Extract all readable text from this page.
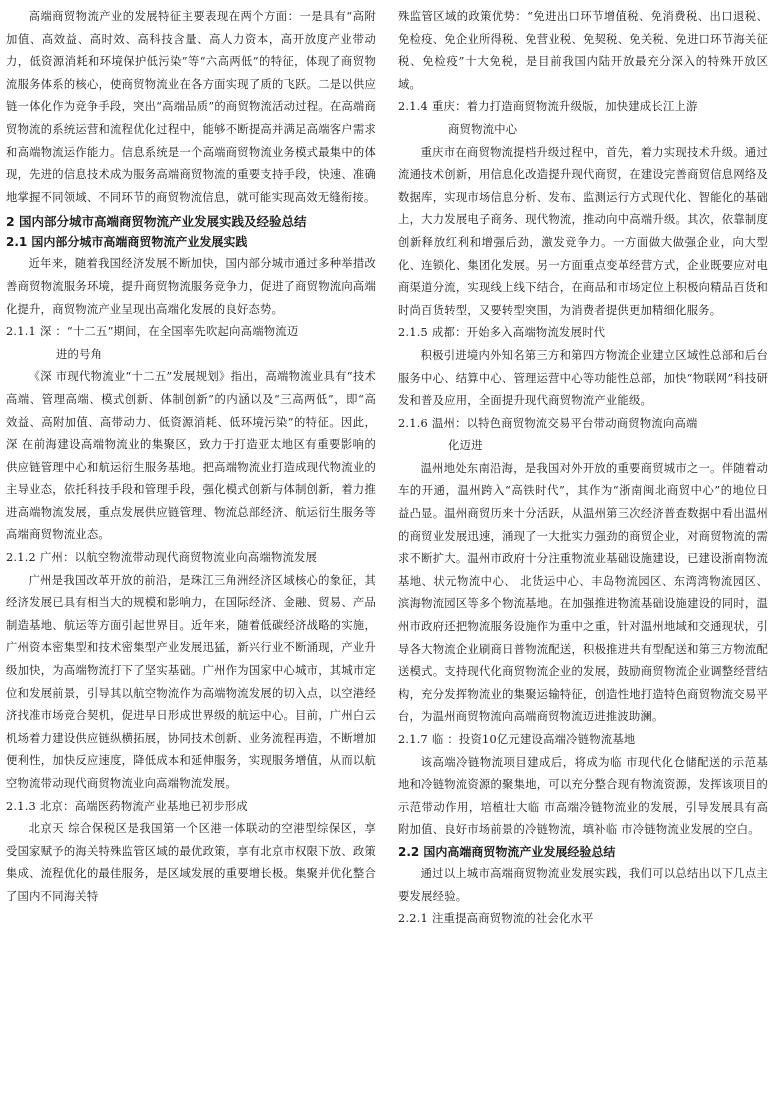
高端商贸物流产业的发展特征主要表现在两个方面：一是具有“高附加值、高效益、高时效、高科技含量、高人力资本，高开放度产业带动力，低资源消耗和环境保护低污染”等“六高两低”的特征，体现了商贸物流服务体系的核心，使商贸物流业在各方面实现了质的飞跃。二是以供应链一体化作为竞争手段，突出“高端品质”的商贸物流活动过程。在高端商贸物流的系统运营和流程优化过程中，能够不断提高并满足高端客户需求和高端物流运作能力。信息系统是一个高端商贸物流业务模式最集中的体现，先进的信息技术成为服务高端商贸物流的重要支持手段，快速、准确地掌握不同领域、不同环节的商贸物流信息，就可能实现高效无缝衔接。

2 国内部分城市高端商贸物流产业发展实践及经验总结
2.1 国内部分城市高端商贸物流产业发展实践

近年来，随着我国经济发展不断加快，国内部分城市通过多种举措改善商贸物流服务环境，提升商贸物流服务竞争力，促进了商贸物流向高端化提升，商贸物流产业呈现出高端化发展的良好态势。

2.1.1 深 ：“十二五”期间，在全国率先吹起向高端物流迈
进的号角

《深 市现代物流业“十二五”发展规划》指出，高端物流业具有“技术高端、管理高端、模式创新、体制创新”的内涵以及“三高两低”，即“高效益、高附加值、高带动力、低资源消耗、低环境污染”的特征。因此，深 在前海建设高端物流业的集聚区，致力于打造亚太地区有重要影响的供应链管理中心和航运衍生服务基地。把高端物流业打造成现代物流业的主导业态，依托科技手段和管理手段，强化模式创新与体制创新，着力推进高端物流发展，重点发展供应链管理、物流总部经济、航运衍生服务等高端商贸物流业态。

2.1.2 广州：以航空物流带动现代商贸物流业向高端物流发展

广州是我国改革开放的前沿，是珠江三角洲经济区域核心的象征，其经济发展已具有相当大的规模和影响力，在国际经济、金融、贸易、产品制造基地、航运等方面引起世界目。近年来，随着低碳经济战略的实施，广州资本密集型和技术密集型产业发展迅猛，新兴行业不断涌现，产业升级加快，为高端物流打下了坚实基础。广州作为国家中心城市，其城市定位和发展前景，引导其以航空物流作为高端物流发展的切入点，以空港经济找准市场竞合契机，促进早日形成世界级的航运中心。目前，广州白云机场着力建设供应链纵横拓展，协同技术创新、业务流程再造，不断增加便利性，加快反应速度，降低成本和延伸服务，实现服务增值，从而以航空物流带动现代商贸物流业向高端物流发展。

2.1.3 北京：高端医药物流产业基地已初步形成

北京天 综合保税区是我国第一个区港一体联动的空港型综保区，享受国家赋予的海关特殊监管区域的最优政策，享有北京市权限下放、政策集成、流程优化的最佳服务，是区域发展的重要增长极。集聚并优化整合了国内不同海关特

殊监管区域的政策优势：“免进出口环节增值税、免消费税、出口退税、免检疫、免企业所得税、免营业税、免契税、免关税、免进口环节海关征税、免检疫”十大免税，是目前我国内陆开放最充分深入的特殊开放区域。

2.1.4 重庆：着力打造商贸物流升级版，加快建成长江上游
商贸物流中心

重庆市在商贸物流提档升级过程中，首先，着力实现技术升级。通过流通技术创新，用信息化改造提升现代商贸，在建设完善商贸信息网络及数据库，实现市场信息分析、发布、监测运行方式现代化、智能化的基础上，大力发展电子商务、现代物流，推动向中高端升级。其次，依靠制度创新释放红利和增强后劲，激发竞争力。一方面做大做强企业，向大型化、连锁化、集团化发展。另一方面重点变革经营方式，企业既要应对电商渠道分流，实现线上线下结合，在商品和市场定位上积极向精品百货和时尚百货转型，又要转型突围，为消费者提供更加精细化服务。

2.1.5 成都：开始多入高端物流发展时代

积极引进境内外知名第三方和第四方物流企业建立区域性总部和后台服务中心、结算中心、管理运营中心等功能性总部，加快“物联网”科技研发和普及应用，全面提升现代商贸物流产业能级。

2.1.6 温州：以特色商贸物流交易平台带动商贸物流向高端
化迈进

温州地处东南沿海，是我国对外开放的重要商贸城市之一。伴随着动车的开通，温州跨入“高铁时代”，其作为“浙南闽北商贸中心”的地位日益凸显。温州商贸历来十分活跃，从温州第三次经济普查数据中看出温州的商贸业发展迅速，涌现了一大批实力强劲的商贸企业，对商贸物流的需求不断扩大。温州市政府十分注重物流业基础设施建设，已建设浙南物流基地、状元物流中心、 北货运中心、丰岛物流园区、东湾湾物流园区、滨海物流园区等多个物流基地。在加强推进物流基础设施建设的同时，温州市政府还把物流服务设施作为重中之重，针对温州地域和交通现状，引导各大物流企业刷商日普物流配送，积极推进共有型配送和第三方物流配送模式。支持现代化商贸物流企业的发展，鼓励商贸物流企业调整经营结构，充分发挥物流业的集聚运输特征，创造性地打造特色商贸物流交易平台，为温州商贸物流向高端商贸物流迈进推波助澜。

2.1.7 临 ：投资10亿元建设高端冷链物流基地

该高端冷链物流项目建成后，将成为临 市现代化仓储配送的示范基地和冷链物流资源的聚集地，可以充分整合现有物流资源，发挥该项目的示范带动作用，培植壮大临 市高端冷链物流业的发展，引导发展具有高附加值、良好市场前景的冷链物流，填补临 市冷链物流业发展的空白。

2.2 国内高端商贸物流产业发展经验总结

通过以上城市高端商贸物流业发展实践，我们可以总结出以下几点主要发展经验。

2.2.1 注重提高商贸物流的社会化水平
